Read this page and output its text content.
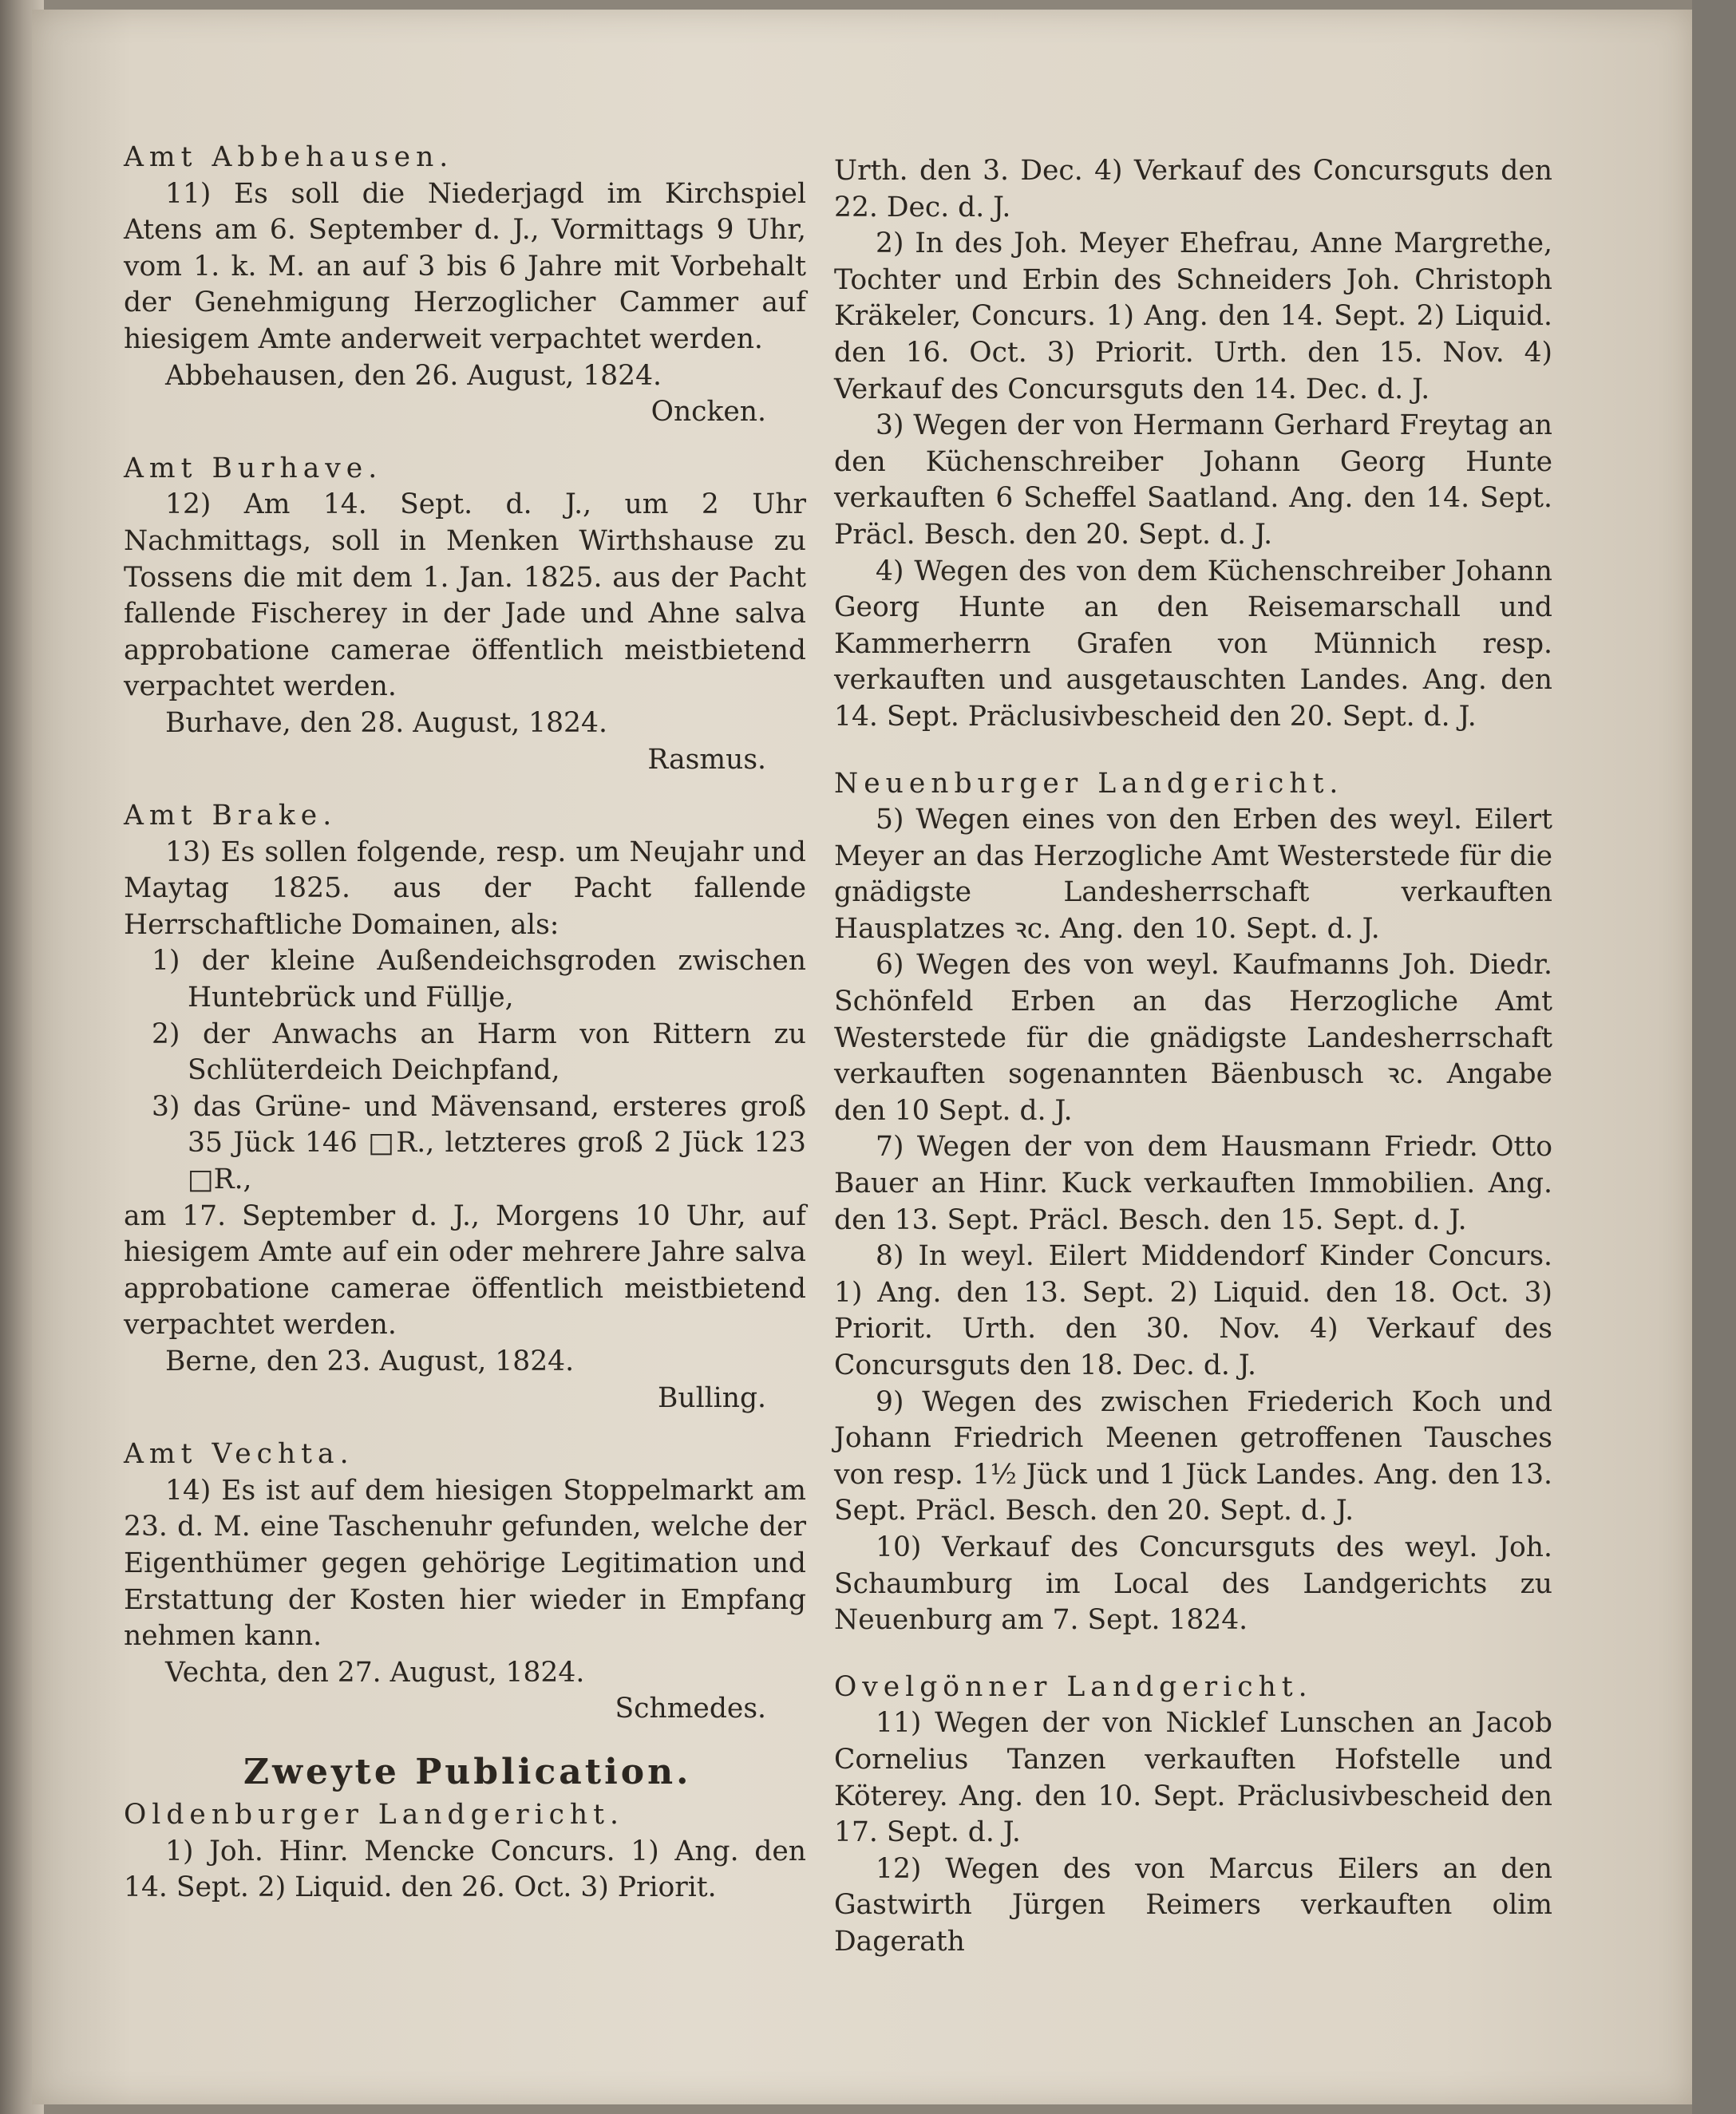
Amt Abbehausen.

11) Es soll die Niederjagd im Kirchspiel Atens am 6. September d. J., Vormittags 9 Uhr, vom 1. k. M. an auf 3 bis 6 Jahre mit Vorbehalt der Genehmigung Herzoglicher Cammer auf hiesigem Amte anderweit verpachtet werden.

Abbehausen, den 26. August, 1824.

Oncken.

Amt Burhave.

12) Am 14. Sept. d. J., um 2 Uhr Nachmittags, soll in Menken Wirthshause zu Tossens die mit dem 1. Jan. 1825. aus der Pacht fallende Fischerey in der Jade und Ahne salva approbatione camerae öffentlich meistbietend verpachtet werden.

Burhave, den 28. August, 1824.

Rasmus.

Amt Brake.

13) Es sollen folgende, resp. um Neujahr und Maytag 1825. aus der Pacht fallende Herrschaftliche Domainen, als:

1) der kleine Außendeichsgroden zwischen Huntebrück und Füllje,

2) der Anwachs an Harm von Rittern zu Schlüterdeich Deichpfand,

3) das Grüne- und Mävensand, ersteres groß 35 Jück 146 □R., letzteres groß 2 Jück 123 □R.,

am 17. September d. J., Morgens 10 Uhr, auf hiesigem Amte auf ein oder mehrere Jahre salva approbatione camerae öffentlich meistbietend verpachtet werden.

Berne, den 23. August, 1824.

Bulling.

Amt Vechta.

14) Es ist auf dem hiesigen Stoppelmarkt am 23. d. M. eine Taschenuhr gefunden, welche der Eigenthümer gegen gehörige Legitimation und Erstattung der Kosten hier wieder in Empfang nehmen kann.

Vechta, den 27. August, 1824.

Schmedes.

Zweyte Publication.

Oldenburger Landgericht.

1) Joh. Hinr. Mencke Concurs. 1) Ang. den 14. Sept. 2) Liquid. den 26. Oct. 3) Priorit.

Urth. den 3. Dec. 4) Verkauf des Concursguts den 22. Dec. d. J.

2) In des Joh. Meyer Ehefrau, Anne Margrethe, Tochter und Erbin des Schneiders Joh. Christoph Kräkeler, Concurs. 1) Ang. den 14. Sept. 2) Liquid. den 16. Oct. 3) Priorit. Urth. den 15. Nov. 4) Verkauf des Concursguts den 14. Dec. d. J.

3) Wegen der von Hermann Gerhard Freytag an den Küchenschreiber Johann Georg Hunte verkauften 6 Scheffel Saatland. Ang. den 14. Sept. Präcl. Besch. den 20. Sept. d. J.

4) Wegen des von dem Küchenschreiber Johann Georg Hunte an den Reisemarschall und Kammerherrn Grafen von Münnich resp. verkauften und ausgetauschten Landes. Ang. den 14. Sept. Präclusivbescheid den 20. Sept. d. J.

Neuenburger Landgericht.

5) Wegen eines von den Erben des weyl. Eilert Meyer an das Herzogliche Amt Westerstede für die gnädigste Landesherrschaft verkauften Hausplatzes ꝛc. Ang. den 10. Sept. d. J.

6) Wegen des von weyl. Kaufmanns Joh. Diedr. Schönfeld Erben an das Herzogliche Amt Westerstede für die gnädigste Landesherrschaft verkauften sogenannten Bäenbusch ꝛc. Angabe den 10 Sept. d. J.

7) Wegen der von dem Hausmann Friedr. Otto Bauer an Hinr. Kuck verkauften Immobilien. Ang. den 13. Sept. Präcl. Besch. den 15. Sept. d. J.

8) In weyl. Eilert Middendorf Kinder Concurs. 1) Ang. den 13. Sept. 2) Liquid. den 18. Oct. 3) Priorit. Urth. den 30. Nov. 4) Verkauf des Concursguts den 18. Dec. d. J.

9) Wegen des zwischen Friederich Koch und Johann Friedrich Meenen getroffenen Tausches von resp. 1½ Jück und 1 Jück Landes. Ang. den 13. Sept. Präcl. Besch. den 20. Sept. d. J.

10) Verkauf des Concursguts des weyl. Joh. Schaumburg im Local des Landgerichts zu Neuenburg am 7. Sept. 1824.

Ovelgönner Landgericht.

11) Wegen der von Nicklef Lunschen an Jacob Cornelius Tanzen verkauften Hofstelle und Köterey. Ang. den 10. Sept. Präclusivbescheid den 17. Sept. d. J.

12) Wegen des von Marcus Eilers an den Gastwirth Jürgen Reimers verkauften olim Dagerath
